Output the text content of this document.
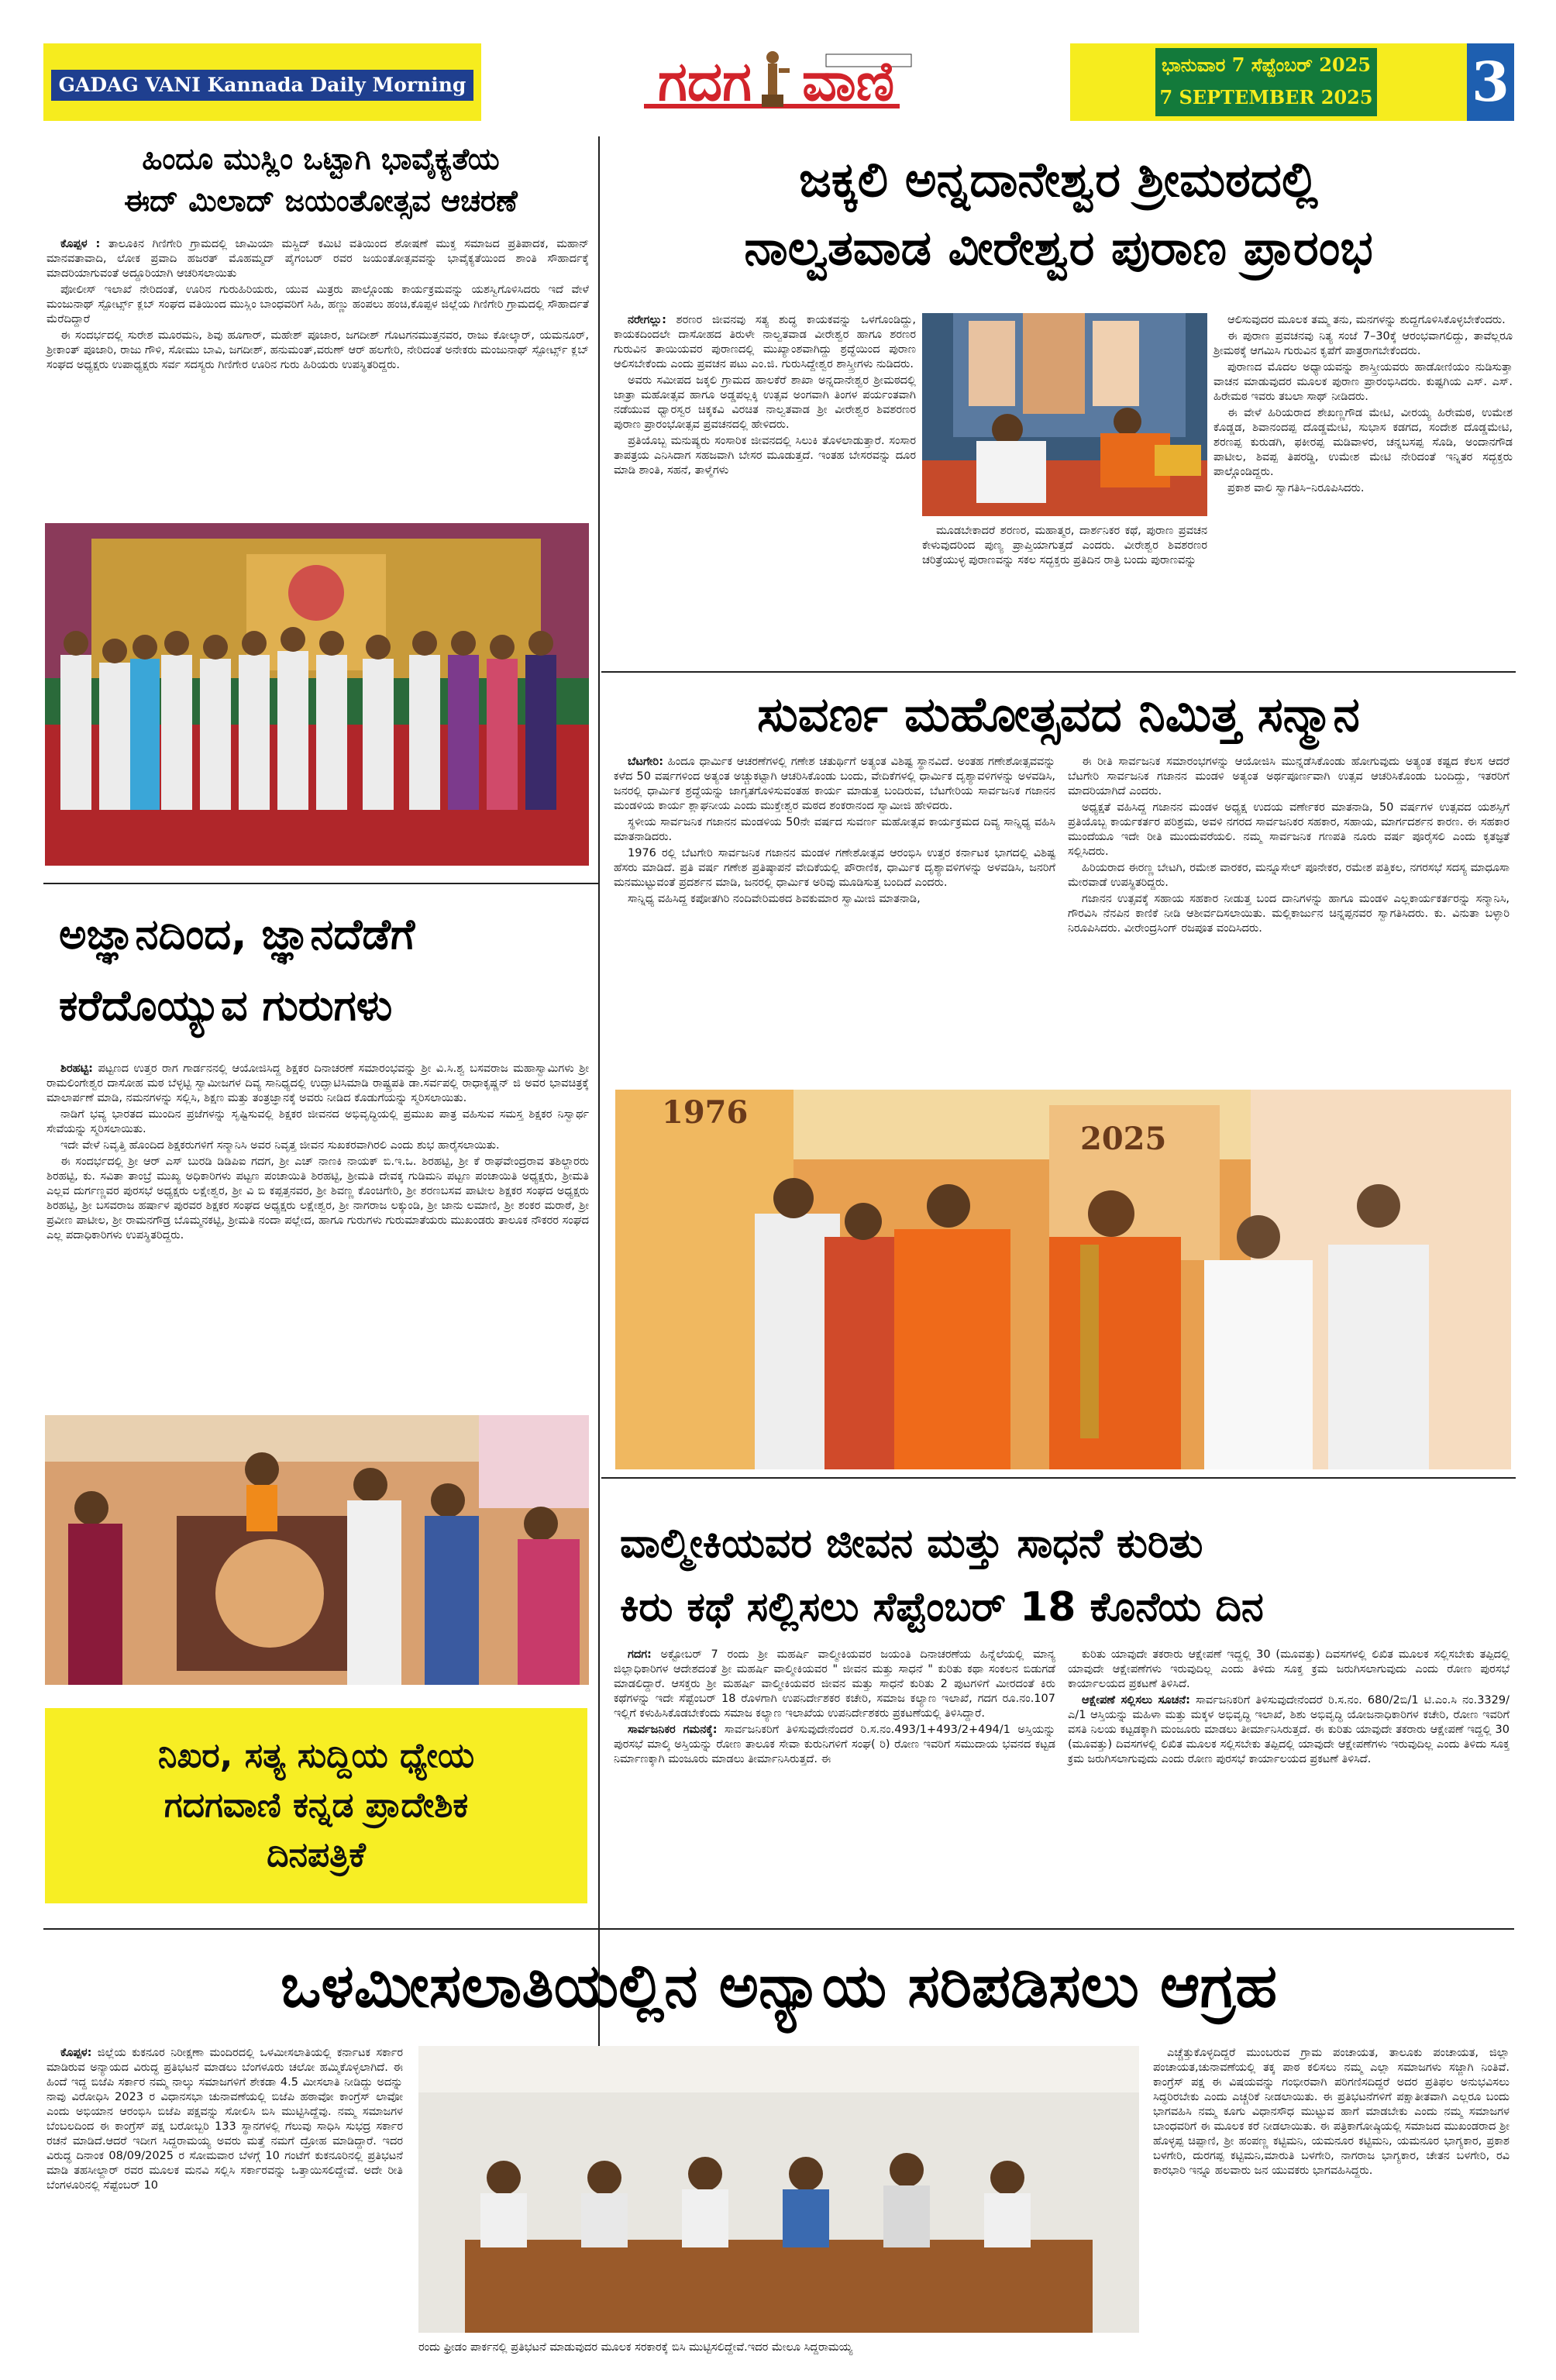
GADAG VANI Kannada Daily Morning	ಗದಗ ವಾಣಿ	ಭಾನುವಾರ 7 ಸೆಪ್ಟೆಂಬರ್ 2025
7 SEPTEMBER 2025 3
ಹಿಂದೂ ಮುಸ್ಲಿಂ ಒಟ್ಟಾಗಿ ಭಾವೈಕ್ಯತೆಯ
ಈದ್ ಮಿಲಾದ್ ಜಯಂತೋತ್ಸವ ಆಚರಣೆ

ಕೊಪ್ಪಳ : ತಾಲೂಕಿನ ಗಿಣಿಗೇರಿ ಗ್ರಾಮದಲ್ಲಿ ಜಾಮಿಯಾ ಮಸ್ಜಿದ್ ಕಮಿಟಿ ವತಿಯಿಂದ ಶೋಷಣೆ ಮುಕ್ತ ಸಮಾಜದ ಪ್ರತಿಪಾದಕ, ಮಹಾನ್ ಮಾನವತಾವಾದಿ, ಲೋಕ ಪ್ರವಾದಿ ಹಜರತ್ ಮೊಹಮ್ಮದ್ ಪೈಗಂಬರ್ ರವರ ಜಯಂತೋತ್ಸವವನ್ನು ಭಾವೈಕ್ಯತೆಯಿಂದ ಶಾಂತಿ ಸೌಹಾರ್ದಕ್ಕೆ ಮಾದರಿಯಾಗುವಂತೆ ಅದ್ದೂರಿಯಾಗಿ ಆಚರಿಸಲಾಯಿತು

ಪೋಲೀಸ್ ಇಲಾಖೆ ನೇರಿದಂತೆ, ಊರಿನ ಗುರುಹಿರಿಯರು, ಯುವ ಮಿತ್ರರು ಪಾಲ್ಗೊಂಡು ಕಾರ್ಯಕ್ರಮವನ್ನು ಯಶಸ್ವಿಗೊಳಿಸಿದರು ಇದೆ ವೇಳೆ ಮಂಜುನಾಥ್ ಸ್ಪೋರ್ಟ್ಸ್ ಕ್ಲಬ್ ಸಂಘದ ವತಿಯಿಂದ ಮುಸ್ಲಿಂ ಬಾಂಧವರಿಗೆ ಸಿಹಿ, ಹಣ್ಣು ಹಂಪಲು ಹಂಚಿ,ಕೊಪ್ಪಳ ಜಿಲ್ಲೆಯ ಗಿಣಿಗೇರಿ ಗ್ರಾಮದಲ್ಲಿ ಸೌಹಾರ್ದತೆ ಮೆರೆದಿದ್ದಾರೆ

ಈ ಸಂದರ್ಭದಲ್ಲಿ ಸುರೇಶ ಮೂರಮನಿ, ಶಿವು ಹೂಗಾರ್, ಮಹೇಶ್ ಪೂಜಾರ, ಜಗದೀಶ್ ಗೊಟಗನಮುತ್ತನವರ, ರಾಜು ಕೋಲ್ಕಾರ್, ಯಮನೂರ್, ಶ್ರೀಕಾಂತ್ ಪೂಜಾರಿ, ರಾಜು ಗೌಳಿ, ಸೋಮು ಬಾವಿ, ಜಗದೀಶ್, ಹನುಮಂತ್,ವರುಣ್ ಆರ್ ಹಲಗೇರಿ, ನೇರಿದಂತೆ ಅನೇಕರು ಮಂಜುನಾಥ್ ಸ್ಪೋರ್ಟ್ಸ್ ಕ್ಲಬ್ ಸಂಘದ ಅಧ್ಯಕ್ಷರು ಉಪಾಧ್ಯಕ್ಷರು ಸರ್ವ ಸದಸ್ಯರು ಗಿಣಿಗೇರ ಊರಿನ ಗುರು ಹಿರಿಯರು ಉಪಸ್ಥಿತರಿದ್ದರು.

ಜಕ್ಕಲಿ ಅನ್ನದಾನೇಶ್ವರ ಶ್ರೀಮಠದಲ್ಲಿ
ನಾಲ್ವತವಾಡ ವೀರೇಶ್ವರ ಪುರಾಣ ಪ್ರಾರಂಭ

ನರೇಗಲ್ಲು: ಶರಣರ ಜೀವನವು ಸತ್ಯ ಶುದ್ಧ ಕಾಯಕವನ್ನು ಒಳಗೊಂಡಿದ್ದು, ಕಾಯಕದಿಂದಲೇ ದಾಸೋಹದ ತಿರುಳೇ ನಾಲ್ವತವಾಡ ವೀರೇಶ್ವರ ಹಾಗೂ ಶರಣರ ಗುರುವಿನ ತಾಯಿಯವರ ಪುರಾಣದಲ್ಲಿ ಮುಖ್ಯಾಂಶವಾಗಿದ್ದು ಶ್ರದ್ಧೆಯಿಂದ ಪುರಾಣ ಆಲಿಸಬೇಕೆಂದು ಎಂದು ಪ್ರವಚನ ಪಟು ಎಂ.ಜಿ. ಗುರುಸಿದ್ದೇಶ್ವರ ಶಾಸ್ತ್ರೀಗಳು ನುಡಿದರು.

ಅವರು ಸಮೀಪದ ಜಕ್ಕಲಿ ಗ್ರಾಮದ ಹಾಲಕೆರೆ ಶಾಖಾ ಅನ್ನದಾನೇಶ್ವರ ಶ್ರೀಮಠದಲ್ಲಿ ಜಾತ್ರಾ ಮಹೋತ್ಸವ ಹಾಗೂ ಅಡ್ಡಪಲ್ಲಕ್ಕಿ ಉತ್ಸವ ಅಂಗವಾಗಿ ತಿಂಗಳ ಪರ್ಯಂತವಾಗಿ ನಡೆಯುವ ಧ್ವಾರಸ್ವರ ಚಿಕ್ಕಕವಿ ವಿರಚಿತ ನಾಲ್ವತವಾಡ ಶ್ರೀ ವೀರೇಶ್ವರ ಶಿವಶರಣರ ಪುರಾಣ ಪ್ರಾರಂಭೋತ್ಸವ ಪ್ರವಚನದಲ್ಲಿ ಹೇಳಿದರು.

ಪ್ರತಿಯೊಬ್ಬ ಮನುಷ್ಯರು ಸಂಸಾರಿಕ ಜೀವನದಲ್ಲಿ ಸಿಲುಕಿ ತೊಳಲಾಡುತ್ತಾರೆ. ಸಂಸಾರ ತಾಪತ್ರಯ ಎನಿಸಿದಾಗ ಸಹಜವಾಗಿ ಬೇಸರ ಮೂಡುತ್ತದೆ. ಇಂತಹ ಬೇಸರವನ್ನು ದೂರ ಮಾಡಿ ಶಾಂತಿ, ಸಹನೆ, ತಾಳ್ಮೆಗಳು

ಮೂಡಬೇಕಾದರೆ ಶರಣರ, ಮಹಾತ್ಮರ, ದಾರ್ಶನಿಕರ ಕಥೆ, ಪುರಾಣ ಪ್ರವಚನ ಕೇಳುವುದರಿಂದ ಪುಣ್ಯ ಪ್ರಾಪ್ತಿಯಾಗುತ್ತದೆ ಎಂದರು. ವೀರೇಶ್ವರ ಶಿವಶರಣರ ಚರಿತ್ರೆಯುಳ್ಳ ಪುರಾಣವನ್ನು ಸಕಲ ಸದ್ಭಕ್ತರು ಪ್ರತಿದಿನ ರಾತ್ರಿ ಬಂದು ಪುರಾಣವನ್ನು

ಆಲಿಸುವುದರ ಮೂಲಕ ತಮ್ಮ ತನು, ಮನಗಳನ್ನು ಶುದ್ದಗೊಳಿಸಿಕೊಳ್ಳಬೇಕೆಂದರು.

ಈ ಪುರಾಣ ಪ್ರವಚನವು ನಿತ್ಯ ಸಂಜೆ 7–30ಕ್ಕೆ ಆರಂಭವಾಗಲಿದ್ದು, ತಾವೆಲ್ಲರೂ ಶ್ರೀಮಠಕ್ಕೆ ಆಗಮಿಸಿ ಗುರುವಿನ ಕೃಪೆಗೆ ಪಾತ್ರರಾಗಬೇಕೆಂದರು.

ಪುರಾಣದ ಮೊದಲ ಅಧ್ಯಾಯವನ್ನು ಶಾಸ್ತ್ರೀಯವರು ಹಾಡೋಣಿಯಂ ನುಡಿಸುತ್ತಾ ವಾಚನ ಮಾಡುವುದರ ಮೂಲಕ ಪುರಾಣ ಪ್ರಾರಂಭಿಸಿದರು. ಕುಷ್ಟಗಿಯ ಎಸ್. ಎಸ್. ಹಿರೇಮಠ ಇವರು ತಬಲಾ ಸಾಥ್ ನೀಡಿದರು.

ಈ ವೇಳೆ ಹಿರಿಯರಾದ ಶೇಖಣ್ಣಗೌಡ ಮೇಟಿ, ವೀರಯ್ಯ ಹಿರೇಮಠ, ಉಮೇಶ ಕೊಡ್ಡಡ, ಶಿವಾನಂದಪ್ಪ ದೊಡ್ಡಮೇಟಿ, ಸುಭಾಸ ಕಡಗದ, ಸಂದೇಶ ದೊಡ್ಡಮೇಟಿ, ಶರಣಪ್ಪ ಕುರುಡಗಿ, ಫಕೀರಪ್ಪ ಮಡಿವಾಳರ, ಚನ್ನಬಸಪ್ಪ ಸೊಡಿ, ಅಂದಾನಗೌಡ ಪಾಟೀಲ, ಶಿವಪ್ಪ ತಿಪರಡ್ಡಿ, ಉಮೇಶ ಮೇಟಿ ನೇರಿದಂತೆ ಇನ್ನಿತರ ಸದ್ಭಕ್ತರು ಪಾಲ್ಗೊಂಡಿದ್ದರು.

ಪ್ರಕಾಶ ವಾಲಿ ಸ್ವಾಗತಿಸಿ–ನಿರೂಪಿಸಿದರು.

ಸುವರ್ಣ ಮಹೋತ್ಸವದ ನಿಮಿತ್ತ ಸನ್ಮಾನ

ಬೆಟಗೇರಿ: ಹಿಂದೂ ಧಾರ್ಮಿಕ ಆಚರಣೆಗಳಲ್ಲಿ ಗಣೇಶ ಚತುರ್ಥಿಗೆ ಅತ್ಯಂತ ವಿಶಿಷ್ಟ ಸ್ಥಾನವಿದೆ. ಅಂತಹ ಗಣೇಶೋತ್ಸವವನ್ನು ಕಳೆದ 50 ವರ್ಷಗಳಿಂದ ಅತ್ಯಂತ ಅಚ್ಚುಕಟ್ಟಾಗಿ ಆಚರಿಸಿಕೊಂಡು ಬಂದು, ವೇದಿಕೆಗಳಲ್ಲಿ ಧಾರ್ಮಿಕ ದೃಶ್ಯಾವಳಿಗಳನ್ನು ಅಳವಡಿಸಿ, ಜನರಲ್ಲಿ ಧಾರ್ಮಿಕ ಶ್ರದ್ಧೆಯನ್ನು ಜಾಗೃತಗೊಳಿಸುವಂತಹ ಕಾರ್ಯ ಮಾಡುತ್ತ ಬಂದಿರುವ, ಬೆಟಗೇರಿಯ ಸಾರ್ವಜನಿಕ ಗಜಾನನ ಮಂಡಳಿಯ ಕಾರ್ಯ ಶ್ಲಾಘನೀಯ ಎಂದು ಮುಕ್ತೇಶ್ವರ ಮಠದ ಶಂಕರಾನಂದ ಸ್ವಾಮೀಜಿ ಹೇಳಿದರು.

ಸ್ಥಳೀಯ ಸಾರ್ವಜನಿಕ ಗಜಾನನ ಮಂಡಳಿಯ 50ನೇ ವರ್ಷದ ಸುವರ್ಣ ಮಹೋತ್ಸವ ಕಾರ್ಯಕ್ರಮದ ದಿವ್ಯ ಸಾನ್ನಿಧ್ಯ ವಹಿಸಿ ಮಾತನಾಡಿದರು.

1976 ರಲ್ಲಿ ಬೆಟಗೇರಿ ಸಾರ್ವಜನಿಕ ಗಜಾನನ ಮಂಡಳ ಗಣೇಶೋತ್ಸವ ಆರಂಭಿಸಿ ಉತ್ತರ ಕರ್ನಾಟಕ ಭಾಗದಲ್ಲಿ ವಿಶಿಷ್ಟ ಹೆಸರು ಮಾಡಿದೆ. ಪ್ರತಿ ವರ್ಷ ಗಣೇಶ ಪ್ರತಿಷ್ಠಾಪನೆ ವೇದಿಕೆಯಲ್ಲಿ ಪೌರಾಣಿಕ, ಧಾರ್ಮಿಕ ದೃಶ್ಯಾವಳಿಗಳನ್ನು ಅಳವಡಿಸಿ, ಜನರಿಗೆ ಮನಮುಟ್ಟುವಂತೆ ಪ್ರದರ್ಶನ ಮಾಡಿ, ಜನರಲ್ಲಿ ಧಾರ್ಮಿಕ ಅರಿವು ಮೂಡಿಸುತ್ತ ಬಂದಿದೆ ಎಂದರು.

ಸಾನ್ನಿಧ್ಯ ವಹಿಸಿದ್ದ ಕಪೋತಗಿರಿ ನಂದಿವೇರಿಮಠದ ಶಿವಕುಮಾರ ಸ್ವಾಮೀಜಿ ಮಾತನಾಡಿ,

ಈ ರೀತಿ ಸಾರ್ವಜನಿಕ ಸಮಾರಂಭಗಳನ್ನು ಆಯೋಜಿಸಿ ಮುನ್ನಡೆಸಿಕೊಂಡು ಹೋಗುವುದು ಅತ್ಯಂತ ಕಷ್ಟದ ಕೆಲಸ ಆದರೆ ಬೆಟಗೇರಿ ಸಾರ್ವಜನಿಕ ಗಜಾನನ ಮಂಡಳಿ ಅತ್ಯಂತ ಅರ್ಥಪೂರ್ಣವಾಗಿ ಉತ್ಸವ ಆಚರಿಸಿಕೊಂಡು ಬಂದಿದ್ದು, ಇತರರಿಗೆ ಮಾದರಿಯಾಗಿದೆ ಎಂದರು.

ಅಧ್ಯಕ್ಷತೆ ವಹಿಸಿದ್ದ ಗಜಾನನ ಮಂಡಳ ಅಧ್ಯಕ್ಷ ಉದಯ ವರ್ಣೇಕರ ಮಾತನಾಡಿ, 50 ವರ್ಷಗಳ ಉತ್ಸವದ ಯಶಸ್ಸಿಗೆ ಪ್ರತಿಯೊಬ್ಬ ಕಾರ್ಯಕರ್ತರ ಪರಿಶ್ರಮ, ಅವಳಿ ನಗರದ ಸಾರ್ವಜನಿಕರ ಸಹಕಾರ, ಸಹಾಯ, ಮಾರ್ಗದರ್ಶನ ಕಾರಣ. ಈ ಸಹಕಾರ ಮುಂದೆಯೂ ಇದೇ ರೀತಿ ಮುಂದುವರೆಯಲಿ. ನಮ್ಮ ಸಾರ್ವಜನಿಕ ಗಣಪತಿ ನೂರು ವರ್ಷ ಪೂರೈಸಲಿ ಎಂದು ಕೃತಜ್ಞತೆ ಸಲ್ಲಿಸಿದರು.

ಹಿರಿಯರಾದ ಈರಣ್ಣ ಬೇಟಗಿ, ರಮೇಶ ವಾರಕರ, ಮನ್ನೂಸೇಲ್ ಪೂನೇಕರ, ರಮೇಶ ಪತ್ತಿಕಲ, ನಗರಸಭೆ ಸದಸ್ಯ ಮಾಧೂಸಾ ಮೇರವಾಡೆ ಉಪಸ್ಥಿತರಿದ್ದರು.

ಗಜಾನನ ಉತ್ಸವಕ್ಕೆ ಸಹಾಯ ಸಹಕಾರ ನೀಡುತ್ತ ಬಂದ ದಾನಿಗಳನ್ನು ಹಾಗೂ ಮಂಡಳಿ ಎಲ್ಲಕಾರ್ಯಕರ್ತರನ್ನು ಸನ್ಮಾನಿಸಿ, ಗೌರವಿಸಿ ನೆನಪಿನ ಕಾಣಿಕೆ ನೀಡಿ ಆಶೀರ್ವದಿಸಲಾಯಿತು. ಮಲ್ಲಿಕಾರ್ಜುನ ಚಿನ್ನಪ್ಪನವರ ಸ್ವಾಗತಿಸಿದರು. ಕು. ವಿನುತಾ ಬಳ್ಳಾರಿ ನಿರೂಪಿಸಿದರು. ವೀರೇಂದ್ರಸಿಂಗ್ ರಜಪೂತ ವಂದಿಸಿದರು.

1976
2025
ಅಜ್ಞಾನದಿಂದ, ಜ್ಞಾನದೆಡೆಗೆ
ಕರೆದೊಯ್ಯುವ ಗುರುಗಳು

ಶಿರಹಟ್ಟಿ: ಪಟ್ಟಣದ ಉತ್ತರ ರಾಗ ಗಾರ್ಡನನಲ್ಲಿ ಆಯೋಜಿಸಿದ್ದ ಶಿಕ್ಷಕರ ದಿನಾಚರಣೆ ಸಮಾರಂಭವನ್ನು ಶ್ರೀ ವಿ.ಸಿ.ಶ್ವ ಬಸವರಾಜ ಮಹಾಸ್ವಾಮಿಗಳು ಶ್ರೀ ರಾಮಲಿಂಗೇಶ್ವರ ದಾಸೋಹ ಮಠ ಬೆಳ್ಳಟ್ಟಿ ಸ್ವಾಮೀಜಗಳ ದಿವ್ಯ ಸಾನಿಧ್ಯದಲ್ಲಿ ಉದ್ಘಾಟಿಸಿಮಾಡಿ ರಾಷ್ಟ್ರಪತಿ ಡಾ.ಸರ್ವಪಲ್ಲಿ ರಾಧಾಕೃಷ್ಣನ್ ಜಿ ಅವರ ಭಾವಚಿತ್ರಕ್ಕೆ ಮಾಲಾರ್ಪಣೆ ಮಾಡಿ, ನಮನಗಳನ್ನು ಸಲ್ಲಿಸಿ, ಶಿಕ್ಷಣ ಮತ್ತು ತಂತ್ರಜ್ಞಾನಕ್ಕೆ ಅವರು ನೀಡಿದ ಕೊಡುಗೆಯನ್ನು ಸ್ಮರಿಸಲಾಯಿತು.

ನಾಡಿಗೆ ಭವ್ಯ ಭಾರತದ ಮುಂದಿನ ಪ್ರಜೆಗಳನ್ನು ಸೃಷ್ಟಿಸುವಲ್ಲಿ ಶಿಕ್ಷಕರ ಜೀವನದ ಅಭಿವೃದ್ಧಿಯಲ್ಲಿ ಪ್ರಮುಖ ಪಾತ್ರ ವಹಿಸುವ ಸಮಸ್ತ ಶಿಕ್ಷಕರ ನಿಸ್ವಾರ್ಥ ಸೇವೆಯನ್ನು ಸ್ಮರಿಸಲಾಯಿತು.

ಇದೇ ವೇಳೆ ನಿವೃತ್ತಿ ಹೊಂದಿದ ಶಿಕ್ಷಕರುಗಳಿಗೆ ಸನ್ಮಾನಿಸಿ ಅವರ ನಿವೃತ್ತ ಜೀವನ ಸುಖಕರವಾಗಿರಲಿ ಎಂದು ಶುಭ ಹಾರೈಸಲಾಯಿತು.

ಈ ಸಂದರ್ಭದಲ್ಲಿ ಶ್ರೀ ಆರ್ ಎಸ್ ಬುರಡಿ ಡಿಡಿಪಿಐ ಗದಗ, ಶ್ರೀ ಎಚ್ ನಾಣಕಿ ನಾಯಕ್ ಬಿ.ಇ.ಒ. ಶಿರಹಟ್ಟಿ, ಶ್ರೀ ಕೆ ರಾಘವೇಂದ್ರರಾವ ತಶಿಲ್ದಾರರು ಶಿರಹಟ್ಟಿ, ಕು. ಸವಿತಾ ತಾಂಬ್ರೆ ಮುಖ್ಯ ಅಧಿಕಾರಿಗಳು ಪಟ್ಟಣ ಪಂಚಾಯಿತಿ ಶಿರಹಟ್ಟಿ, ಶ್ರೀಮತಿ ದೇವಕ್ಕ ಗುಡಿಮನಿ ಪಟ್ಟಣ ಪಂಚಾಯಿತಿ ಅಧ್ಯಕ್ಷರು, ಶ್ರೀಮತಿ ಎಲ್ಲವ ದುರ್ಗಣ್ಣವರ ಪುರಸಭೆ ಅಧ್ಯಕ್ಷರು ಲಕ್ಷೇಶ್ವರ, ಶ್ರೀ ವಿ ಬಿ ಕಪ್ಪತ್ತನವರ, ಶ್ರೀ ಶಿವಣ್ಣ ಕೊಂಚಿಗೇರಿ, ಶ್ರೀ ಶರಣಬಸವ ಪಾಟೀಲ ಶಿಕ್ಷಕರ ಸಂಘದ ಅಧ್ಯಕ್ಷರು ಶಿರಹಟ್ಟಿ, ಶ್ರೀ ಬಸವರಾಜ ಹರ್ಷಾಳ ಪುರವರ ಶಿಕ್ಷಕರ ಸಂಘದ ಅಧ್ಯಕ್ಷರು ಲಕ್ಷೇಶ್ವರ, ಶ್ರೀ ನಾಗರಾಜ ಲಕ್ಕುಂಡಿ, ಶ್ರೀ ಜಾನು ಲಮಾಣಿ, ಶ್ರೀ ಶಂಕರ ಮರಾಠೆ, ಶ್ರೀ ಪ್ರವೀಣ ಪಾಟೀಲ, ಶ್ರೀ ರಾಮನಗೌಡ್ರ ಬೊಮ್ಮನಕಟ್ಟಿ, ಶ್ರೀಮತಿ ನಂದಾ ಪಲ್ಲೇದ, ಹಾಗೂ ಗುರುಗಳು ಗುರುಮಾತೆಯರು ಮುಖಂಡರು ತಾಲೂಕ ನೌಕರರ ಸಂಘದ ಎಲ್ಲ ಪದಾಧಿಕಾರಿಗಳು ಉಪಸ್ಥಿತರಿದ್ದರು.

ನಿಖರ, ಸತ್ಯ ಸುದ್ದಿಯ ಧ್ಯೇಯ
ಗದಗವಾಣಿ ಕನ್ನಡ ಪ್ರಾದೇಶಿಕ
ದಿನಪತ್ರಿಕೆ
ವಾಲ್ಮೀಕಿಯವರ ಜೀವನ ಮತ್ತು ಸಾಧನೆ ಕುರಿತು
ಕಿರು ಕಥೆ ಸಲ್ಲಿಸಲು ಸೆಪ್ಟೆಂಬರ್ 18 ಕೊನೆಯ ದಿನ

ಗದಗ: ಅಕ್ಟೋಬರ್ 7 ರಂದು ಶ್ರೀ ಮಹರ್ಷಿ ವಾಲ್ಮೀಕಿಯವರ ಜಯಂತಿ ದಿನಾಚರಣೆಯ ಹಿನ್ನೆಲೆಯಲ್ಲಿ ಮಾನ್ಯ ಜಿಲ್ಲಾಧಿಕಾರಿಗಳ ಆದೇಶದಂತೆ ಶ್ರೀ ಮಹರ್ಷಿ ವಾಲ್ಮೀಕಿಯವರ " ಜೀವನ ಮತ್ತು ಸಾಧನೆ " ಕುರಿತು ಕಥಾ ಸಂಕಲನ ಬಿಡುಗಡೆ ಮಾಡಲಿದ್ದಾರೆ. ಆಸಕ್ತರು ಶ್ರೀ ಮಹರ್ಷಿ ವಾಲ್ಮೀಕಿಯವರ ಜೀವನ ಮತ್ತು ಸಾಧನೆ ಕುರಿತು 2 ಪುಟಗಳಿಗೆ ಮೀರದಂತೆ ಕಿರು ಕಥೆಗಳನ್ನು ಇದೇ ಸೆಪ್ಟೆಂಬರ್ 18 ರೊಳಗಾಗಿ ಉಪನಿರ್ದೇಶಕರ ಕಚೇರಿ, ಸಮಾಜ ಕಲ್ಯಾಣ ಇಲಾಖೆ, ಗದಗ ರೂ.ನಂ.107 ಇಲ್ಲಿಗೆ ಕಳುಹಿಸಿಕೊಡಬೇಕೆಂದು ಸಮಾಜ ಕಲ್ಯಾಣ ಇಲಾಖೆಯ ಉಪನಿರ್ದೇಶಕರು ಪ್ರಕಟಣೆಯಲ್ಲಿ ತಿಳಿಸಿದ್ದಾರೆ.

ಸಾರ್ವಜನಿಕರ ಗಮನಕ್ಕೆ: ಸಾರ್ವಜನಿಕರಿಗೆ ತಿಳಿಸುವುದೇನೆಂದರೆ ರಿ.ಸ.ನಂ.493/1+493/2+494/1 ಅಸ್ತಿಯನ್ನು ಪುರಸಭೆ ಮಾಲ್ಕಿ ಅಸ್ತಿಯನ್ನು ರೋಣ ತಾಲೂಕ ಸೇವಾ ಕುರುನಿಗಳಿಗೆ ಸಂಘ( ರಿ) ರೋಣ ಇವರಿಗೆ ಸಮುದಾಯ ಭವನದ ಕಟ್ಟಡ ನಿರ್ಮಾಣಕ್ಕಾಗಿ ಮಂಜೂರು ಮಾಡಲು ತೀರ್ಮಾನಿಸಿರುತ್ತದೆ. ಈ

ಕುರಿತು ಯಾವುದೇ ತಕರಾರು ಆಕ್ಷೇಪಣೆ ಇದ್ದಲ್ಲಿ 30 (ಮೂವತ್ತು) ದಿವಸಗಳಲ್ಲಿ ಲಿಖಿತ ಮೂಲಕ ಸಲ್ಲಿಸಬೇಕು ತಪ್ಪಿದಲ್ಲಿ ಯಾವುದೇ ಆಕ್ಷೇಪಣೆಗಳು ಇರುವುದಿಲ್ಲ ಎಂದು ತಿಳಿದು ಸೂಕ್ತ ಕ್ರಮ ಜರುಗಿಸಲಾಗುವುದು ಎಂದು ರೋಣ ಪುರಸಭೆ ಕಾರ್ಯಾಲಯದ ಪ್ರಕಟಣೆ ತಿಳಿಸಿದೆ.

ಆಕ್ಷೇಪಣೆ ಸಲ್ಲಿಸಲು ಸೂಚನೆ: ಸಾರ್ವಜನಿಕರಿಗೆ ತಿಳಿಸುವುದೇನೆಂದರೆ ರಿ.ಸ.ನಂ. 680/2ಬಿ/1 ಟಿ.ಎಂ.ಸಿ ನಂ.3329/ಎ/1 ಆಸ್ತಿಯನ್ನು ಮಹಿಳಾ ಮತ್ತು ಮಕ್ಕಳ ಅಭಿವೃದ್ಧಿ ಇಲಾಖೆ, ಶಿಶು ಅಭಿವೃದ್ಧಿ ಯೋಜನಾಧಿಕಾರಿಗಳ ಕಚೇರಿ, ರೋಣ ಇವರಿಗೆ ವಸತಿ ನಿಲಯ ಕಟ್ಟಡಕ್ಕಾಗಿ ಮಂಜೂರು ಮಾಡಲು ತೀರ್ಮಾನಿಸಿರುತ್ತದೆ. ಈ ಕುರಿತು ಯಾವುದೇ ತಕರಾರು ಆಕ್ಷೇಪಣೆ ಇದ್ದಲ್ಲಿ 30 (ಮೂವತ್ತು) ದಿವಸಗಳಲ್ಲಿ ಲಿಖಿತ ಮೂಲಕ ಸಲ್ಲಿಸಬೇಕು ತಪ್ಪಿದಲ್ಲಿ ಯಾವುದೇ ಆಕ್ಷೇಪಣೆಗಳು ಇರುವುದಿಲ್ಲ ಎಂದು ತಿಳಿದು ಸೂಕ್ತ ಕ್ರಮ ಜರುಗಿಸಲಾಗುವುದು ಎಂದು ರೋಣ ಪುರಸಭೆ ಕಾರ್ಯಾಲಯದ ಪ್ರಕಟಣೆ ತಿಳಿಸಿದೆ.

ಒಳಮೀಸಲಾತಿಯಲ್ಲಿನ ಅನ್ಯಾಯ ಸರಿಪಡಿಸಲು ಆಗ್ರಹ

ಕೊಪ್ಪಳ: ಜಿಲ್ಲೆಯ ಕುಕನೂರ ನಿರೀಕ್ಷಣಾ ಮಂದಿರದಲ್ಲಿ ಒಳಮೀಸಲಾತಿಯಲ್ಲಿ ಕರ್ನಾಟಕ ಸರ್ಕಾರ ಮಾಡಿರುವ ಅನ್ಯಾಯದ ವಿರುದ್ಧ ಪ್ರತಿಭಟನೆ ಮಾಡಲು ಬೆಂಗಳೂರು ಚಲೋ ಹಮ್ಮಿಕೊಳ್ಳಲಾಗಿದೆ. ಈ ಹಿಂದೆ ಇದ್ದ ಬಿಜೆಪಿ ಸರ್ಕಾರ ನಮ್ಮ ನಾಲ್ಕು ಸಮಾಜಗಳಿಗೆ ಶೇಕಡಾ 4.5 ಮೀಸಲಾತಿ ನೀಡಿದ್ದು ಅದನ್ನು ನಾವು ವಿರೋಧಿಸಿ 2023 ರ ವಿಧಾನಸಭಾ ಚುನಾವಣೆಯಲ್ಲಿ ಬಿಜೆಪಿ ಹಠಾವೋ ಕಾಂಗ್ರೆಸ್ ಲಾವೋ ಎಂದು ಅಭಿಯಾನ ಆರಂಭಿಸಿ ಬಿಜೆಪಿ ಪಕ್ಷವನ್ನು ಸೋಲಿಸಿ ಬಿಸಿ ಮುಟ್ಟಿಸಿದ್ದೆವು. ನಮ್ಮ ಸಮಾಜಗಳ ಬೆಂಬಲದಿಂದ ಈ ಕಾಂಗ್ರೆಸ್ ಪಕ್ಷ ಬರೋಬ್ಬರಿ 133 ಸ್ಥಾನಗಳಲ್ಲಿ ಗೆಲುವು ಸಾಧಿಸಿ ಸುಭದ್ರ ಸರ್ಕಾರ ರಚನೆ ಮಾಡಿದೆ.ಆದರೆ ಇದೀಗ ಸಿದ್ದರಾಮಯ್ಯ ಅವರು ಮತ್ತೆ ನಮಗೆ ದ್ರೋಹ ಮಾಡಿದ್ದಾರೆ. ಇದರ ವಿರುದ್ಧ ದಿನಾಂಕ 08/09/2025 ರ ಸೋಮವಾರ ಬೆಳಗ್ಗೆ 10 ಗಂಟೆಗೆ ಕುಕನೂರಿನಲ್ಲಿ ಪ್ರತಿಭಟನೆ ಮಾಡಿ ತಹಸೀಲ್ದಾರ್ ರವರ ಮೂಲಕ ಮನವಿ ಸಲ್ಲಿಸಿ ಸರ್ಕಾರವನ್ನು ಒತ್ತಾಯಿಸಲಿದ್ದೇವೆ. ಅದೇ ರೀತಿ ಬೆಂಗಳೂರಿನಲ್ಲಿ ಸೆಪ್ಟೆಂಬರ್ 10

ರಂದು ಫ್ರೀಡಂ ಪಾರ್ಕನಲ್ಲಿ ಪ್ರತಿಭಟನೆ ಮಾಡುವುದರ ಮೂಲಕ ಸರಕಾರಕ್ಕೆ ಬಿಸಿ ಮುಟ್ಟಿಸಲಿದ್ದೇವೆ.ಇದರ ಮೇಲೂ ಸಿದ್ದರಾಮಯ್ಯ

ಎಚ್ಚೆತ್ತುಕೊಳ್ಳದಿದ್ದರೆ ಮುಂಬರುವ ಗ್ರಾಮ ಪಂಚಾಯತ, ತಾಲೂಕು ಪಂಚಾಯತ, ಜಿಲ್ಲಾ ಪಂಚಾಯತ,ಚುನಾವಣೆಯಲ್ಲಿ ತಕ್ಕ ಪಾಠ ಕಲಿಸಲು ನಮ್ಮ ಎಲ್ಲಾ ಸಮಾಜಗಳು ಸಜ್ಜಾಗಿ ನಿಂತಿವೆ. ಕಾಂಗ್ರೆಸ್ ಪಕ್ಷ ಈ ವಿಷಯವನ್ನು ಗಂಭೀರವಾಗಿ ಪರಿಗಣಿಸದಿದ್ದರೆ ಅದರ ಪ್ರತಿಫಲ ಅನುಭವಿಸಲು ಸಿದ್ಧರಿರಬೇಕು ಎಂದು ಎಚ್ಚರಿಕೆ ನೀಡಲಾಯಿತು. ಈ ಪ್ರತಿಭಟನೆಗಳಿಗೆ ಪಕ್ಷಾತೀತವಾಗಿ ಎಲ್ಲರೂ ಬಂದು ಭಾಗವಹಿಸಿ ನಮ್ಮ ಕೂಗು ವಿಧಾನಸೌಧ ಮುಟ್ಟುವ ಹಾಗೆ ಮಾಡಬೇಕು ಎಂದು ನಮ್ಮ ಸಮಾಜಗಳ ಬಾಂಧವರಿಗೆ ಈ ಮೂಲಕ ಕರೆ ನೀಡಲಾಯಿತು. ಈ ಪತ್ರಿಕಾಗೋಷ್ಠಿಯಲ್ಲಿ ಸಮಾಜದ ಮುಖಂಡರಾದ ಶ್ರೀ ಹೊಳ್ಳಪ್ಪ ಚಿಪ್ಪಾಣಿ, ಶ್ರೀ ಹಂಪಣ್ಣ ಕಟ್ಟಿಮನಿ, ಯಮನೂರ ಕಟ್ಟಿಮನಿ, ಯಮನೂರ ಭಾಗ್ಯಕಾರ, ಪ್ರಕಾಶ ಬಳಗೇರಿ, ದುರಗಪ್ಪ ಕಟ್ಟಿಮನಿ,ಮಾರುತಿ ಬಳಗೇರಿ, ನಾಗರಾಜ ಭಾಗ್ಯಕಾರ, ಚೇತನ ಬಳಗೇರಿ, ರವಿ ಕಾರಭಾರಿ ಇನ್ನೂ ಹಲವಾರು ಜನ ಯುವಕರು ಭಾಗವಹಿಸಿದ್ದರು.
